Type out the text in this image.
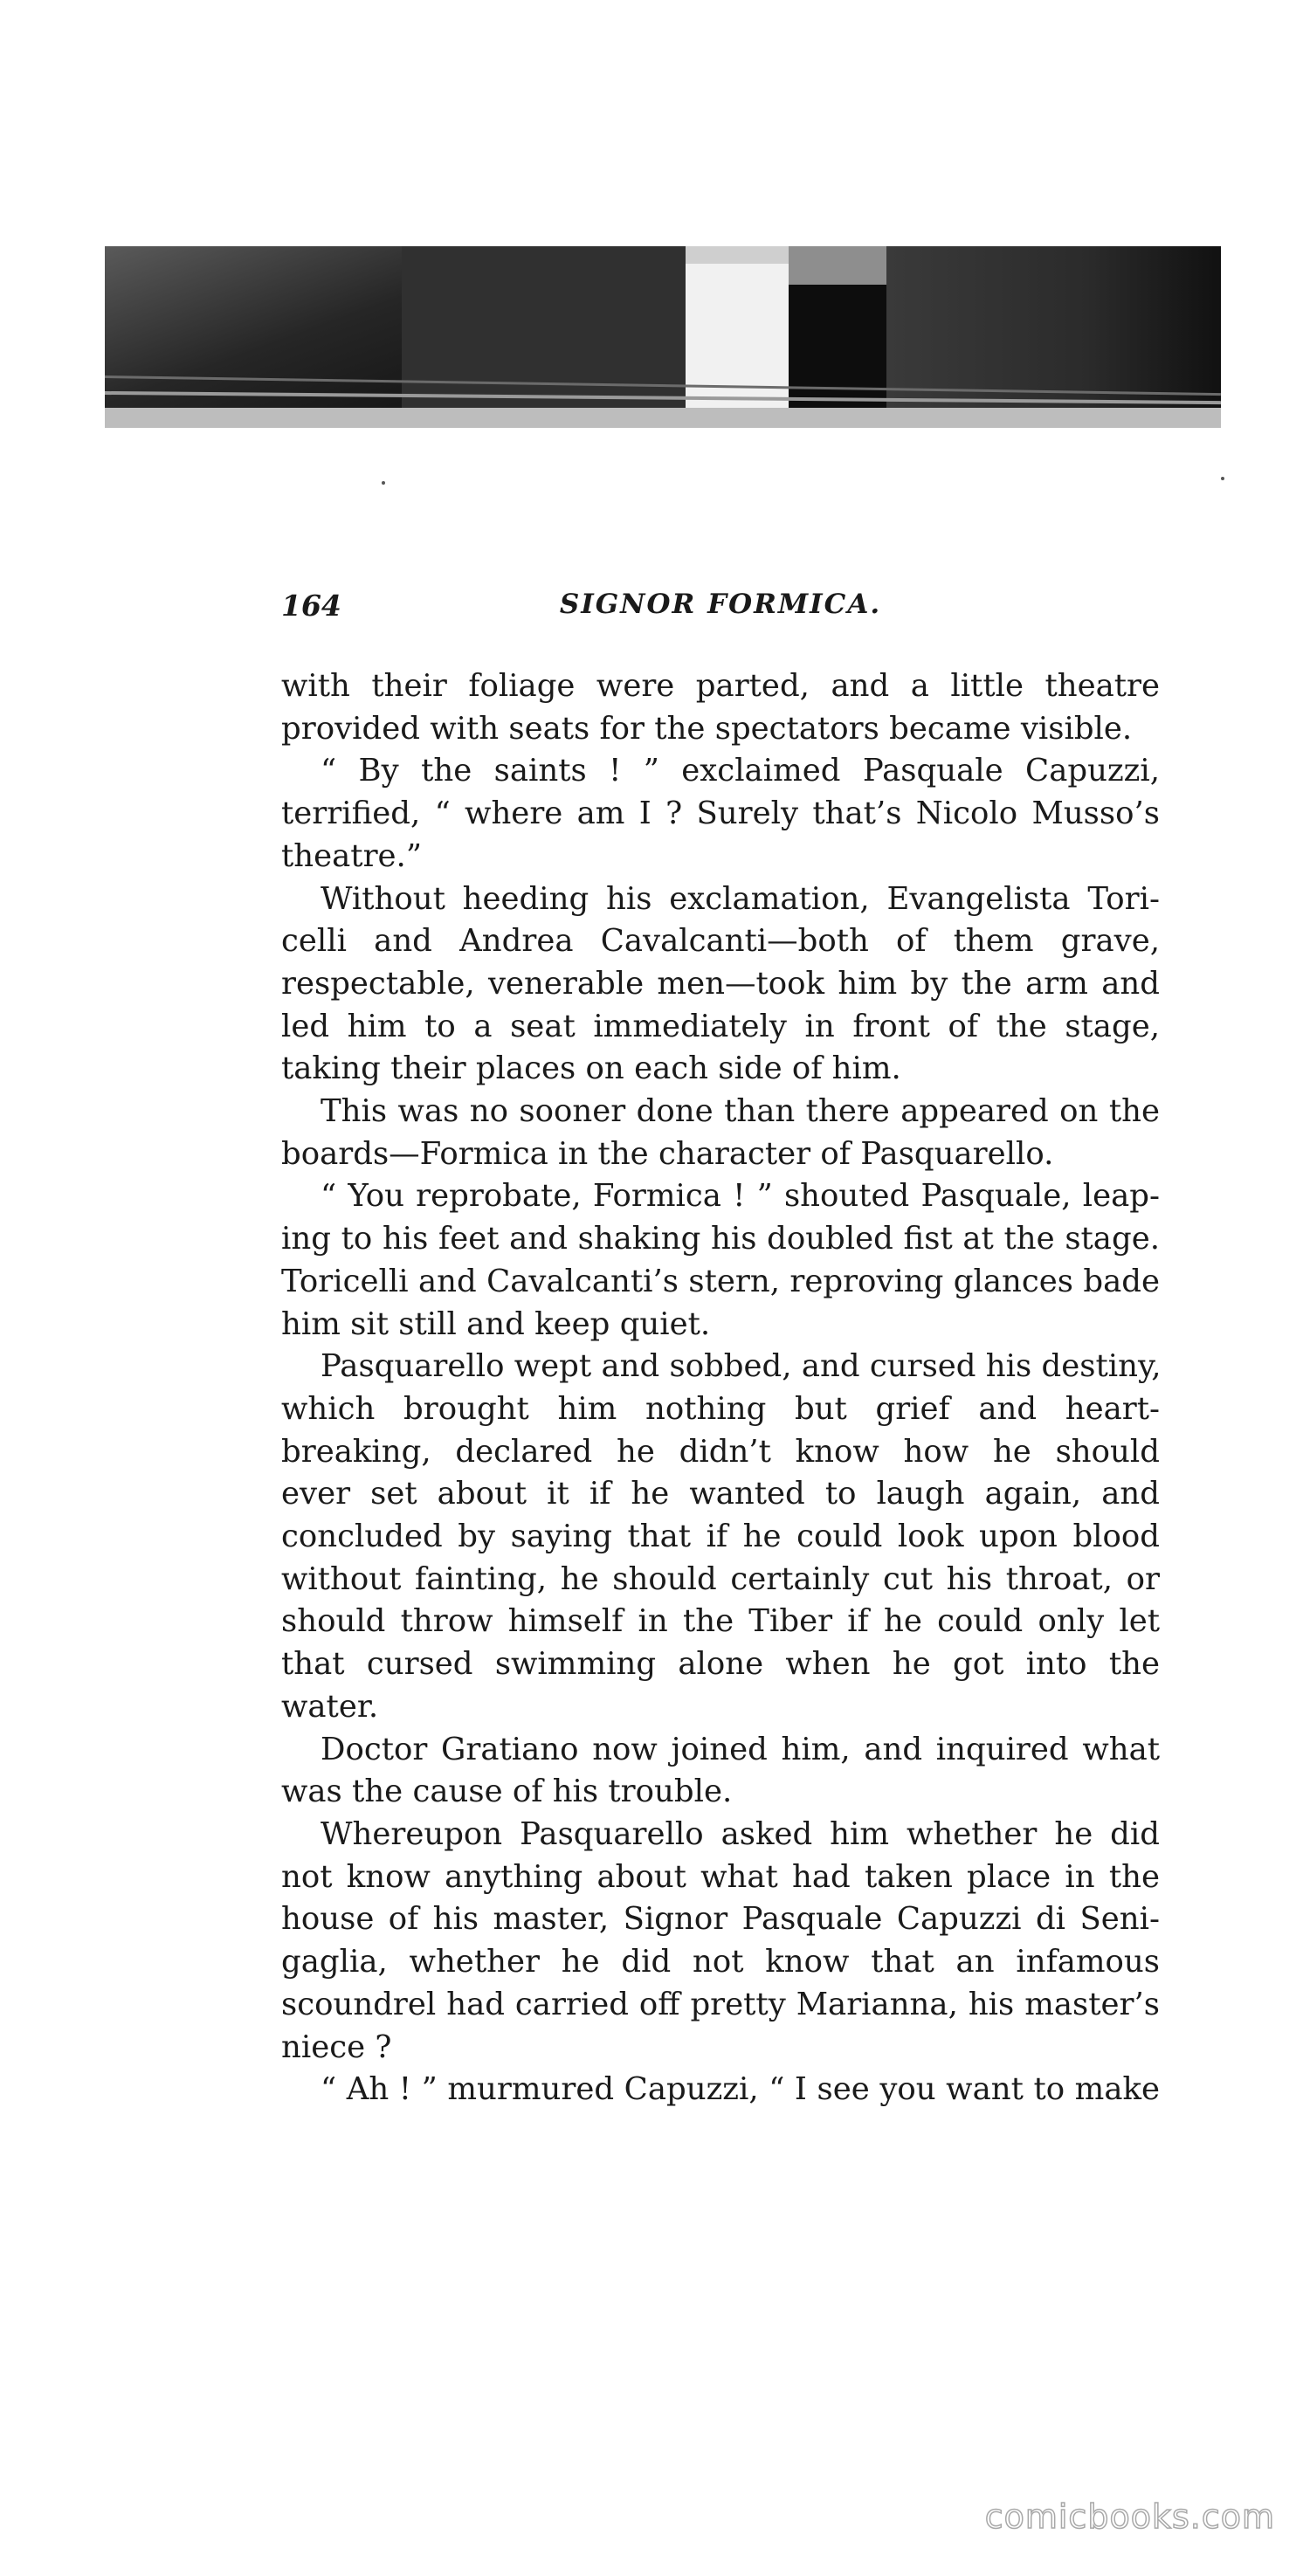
164	SIGNOR FORMICA.
with their foliage were parted, and a little theatre
provided with seats for the spectators became visible.
“ By the saints ! ” exclaimed Pasquale Capuzzi,
terrified, “ where am I ? Surely that’s Nicolo Musso’s
theatre.”
Without heeding his exclamation, Evangelista Tori-
celli and Andrea Cavalcanti—both of them grave,
respectable, venerable men—took him by the arm and
led him to a seat immediately in front of the stage,
taking their places on each side of him.
This was no sooner done than there appeared on the
boards—Formica in the character of Pasquarello.
“ You reprobate, Formica ! ” shouted Pasquale, leap-
ing to his feet and shaking his doubled fist at the stage.
Toricelli and Cavalcanti’s stern, reproving glances bade
him sit still and keep quiet.
Pasquarello wept and sobbed, and cursed his destiny,
which brought him nothing but grief and heart-
breaking, declared he didn’t know how he should
ever set about it if he wanted to laugh again, and
concluded by saying that if he could look upon blood
without fainting, he should certainly cut his throat, or
should throw himself in the Tiber if he could only let
that cursed swimming alone when he got into the
water.
Doctor Gratiano now joined him, and inquired what
was the cause of his trouble.
Whereupon Pasquarello asked him whether he did
not know anything about what had taken place in the
house of his master, Signor Pasquale Capuzzi di Seni-
gaglia, whether he did not know that an infamous
scoundrel had carried off pretty Marianna, his master’s
niece ?
“ Ah ! ” murmured Capuzzi, “ I see you want to make
comicbooks.com
